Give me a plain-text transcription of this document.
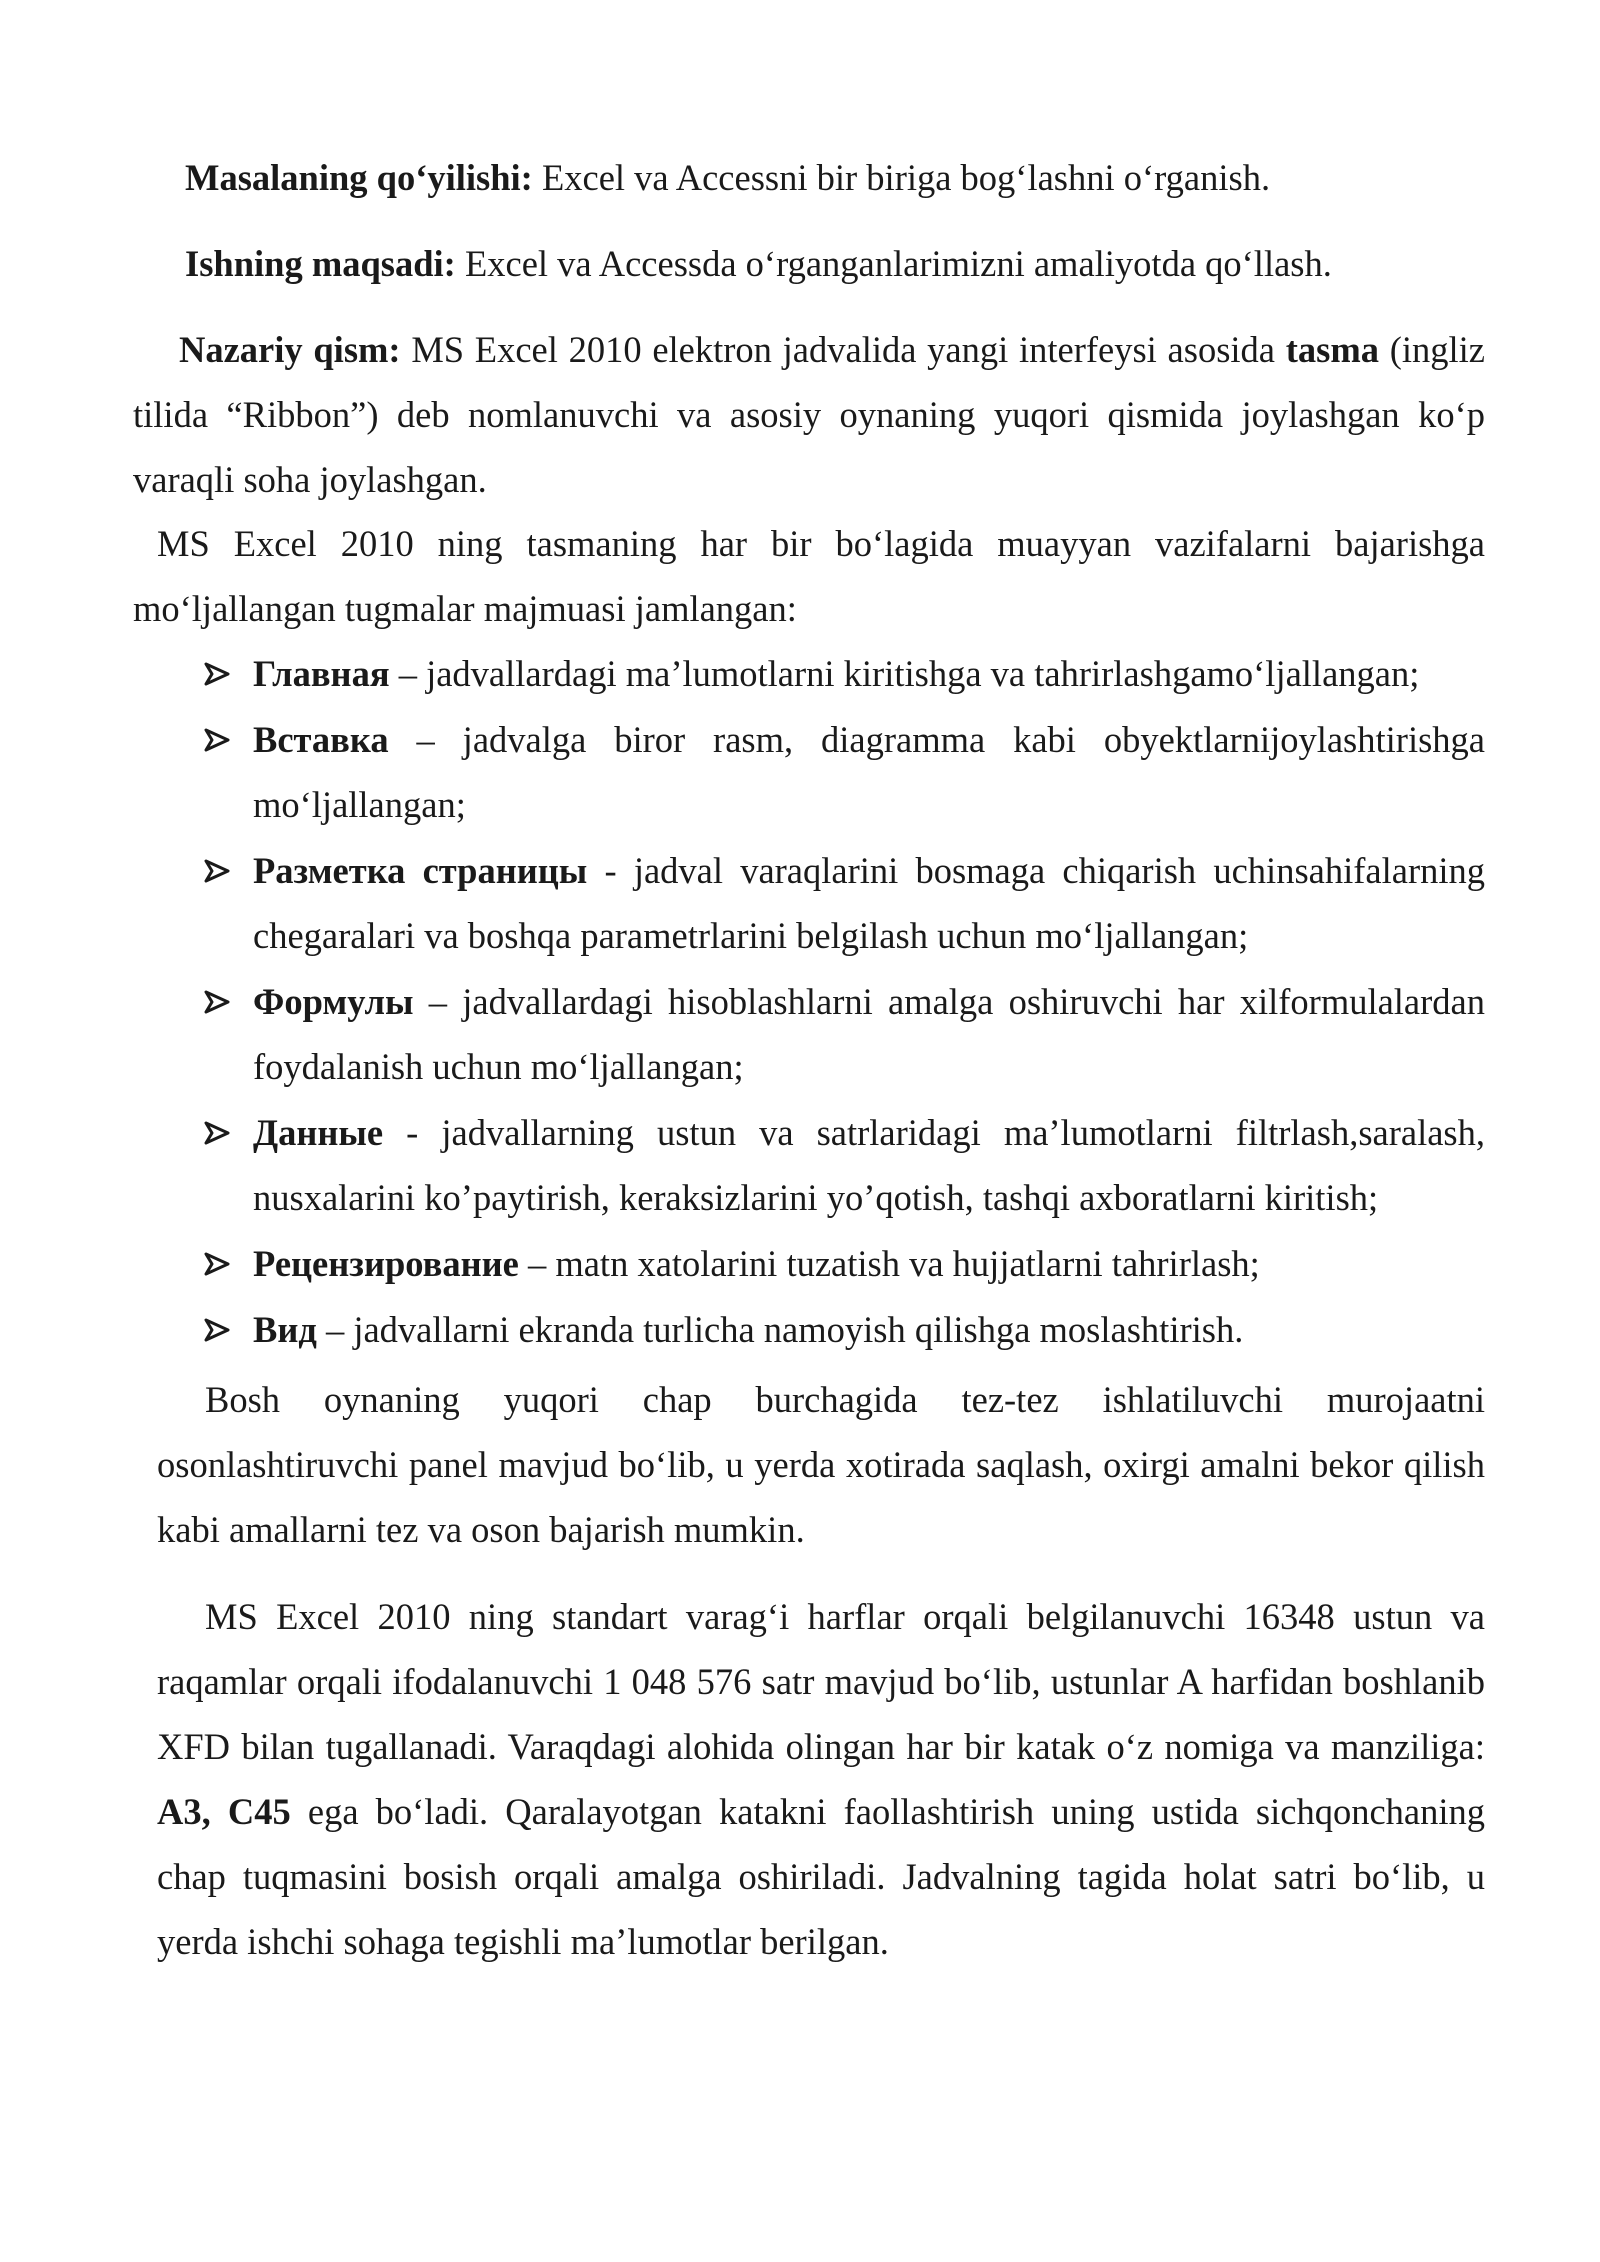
Masalaning qo‘yilishi: Excel va Accessni bir biriga bog‘lashni o‘rganish.

Ishning maqsadi: Excel va Accessda o‘rganganlarimizni amaliyotda qo‘llash.

Nazariy qism: MS Excel 2010 elektron jadvalida yangi interfeysi asosida tasma (ingliz tilida “Ribbon”) deb nomlanuvchi va asosiy oynaning yuqori qismida joylashgan ko‘p varaqli soha joylashgan.

MS Excel 2010 ning tasmaning har bir bo‘lagida muayyan vazifalarni bajarishga mo‘ljallangan tugmalar majmuasi jamlangan:

Главная – jadvallardagi ma’lumotlarni kiritishga va tahrirlashgamo‘ljallangan;
Вставка – jadvalga biror rasm, diagramma kabi obyektlarnijoylashtirishga mo‘ljallangan;
Разметка страницы - jadval varaqlarini bosmaga chiqarish uchinsahifalarning chegaralari va boshqa parametrlarini belgilash uchun mo‘ljallangan;
Формулы – jadvallardagi hisoblashlarni amalga oshiruvchi har xilformulalardan foydalanish uchun mo‘ljallangan;
Данные - jadvallarning ustun va satrlaridagi ma’lumotlarni filtrlash,saralash, nusxalarini ko’paytirish, keraksizlarini yo’qotish, tashqi axboratlarni kiritish;
Рецензирование – matn xatolarini tuzatish va hujjatlarni tahrirlash;
Вид – jadvallarni ekranda turlicha namoyish qilishga moslashtirish.

Bosh oynaning yuqori chap burchagida tez-tez ishlatiluvchi murojaatni osonlashtiruvchi panel mavjud bo‘lib, u yerda xotirada saqlash, oxirgi amalni bekor qilish kabi amallarni tez va oson bajarish mumkin.

MS Excel 2010 ning standart varag‘i harflar orqali belgilanuvchi 16348 ustun va raqamlar orqali ifodalanuvchi 1 048 576 satr mavjud bo‘lib, ustunlar A harfidan boshlanib XFD bilan tugallanadi. Varaqdagi alohida olingan har bir katak o‘z nomiga va manziliga: A3, C45 ega bo‘ladi. Qaralayotgan katakni faollashtirish uning ustida sichqonchaning chap tuqmasini bosish orqali amalga oshiriladi. Jadvalning tagida holat satri bo‘lib, u yerda ishchi sohaga tegishli ma’lumotlar berilgan.
